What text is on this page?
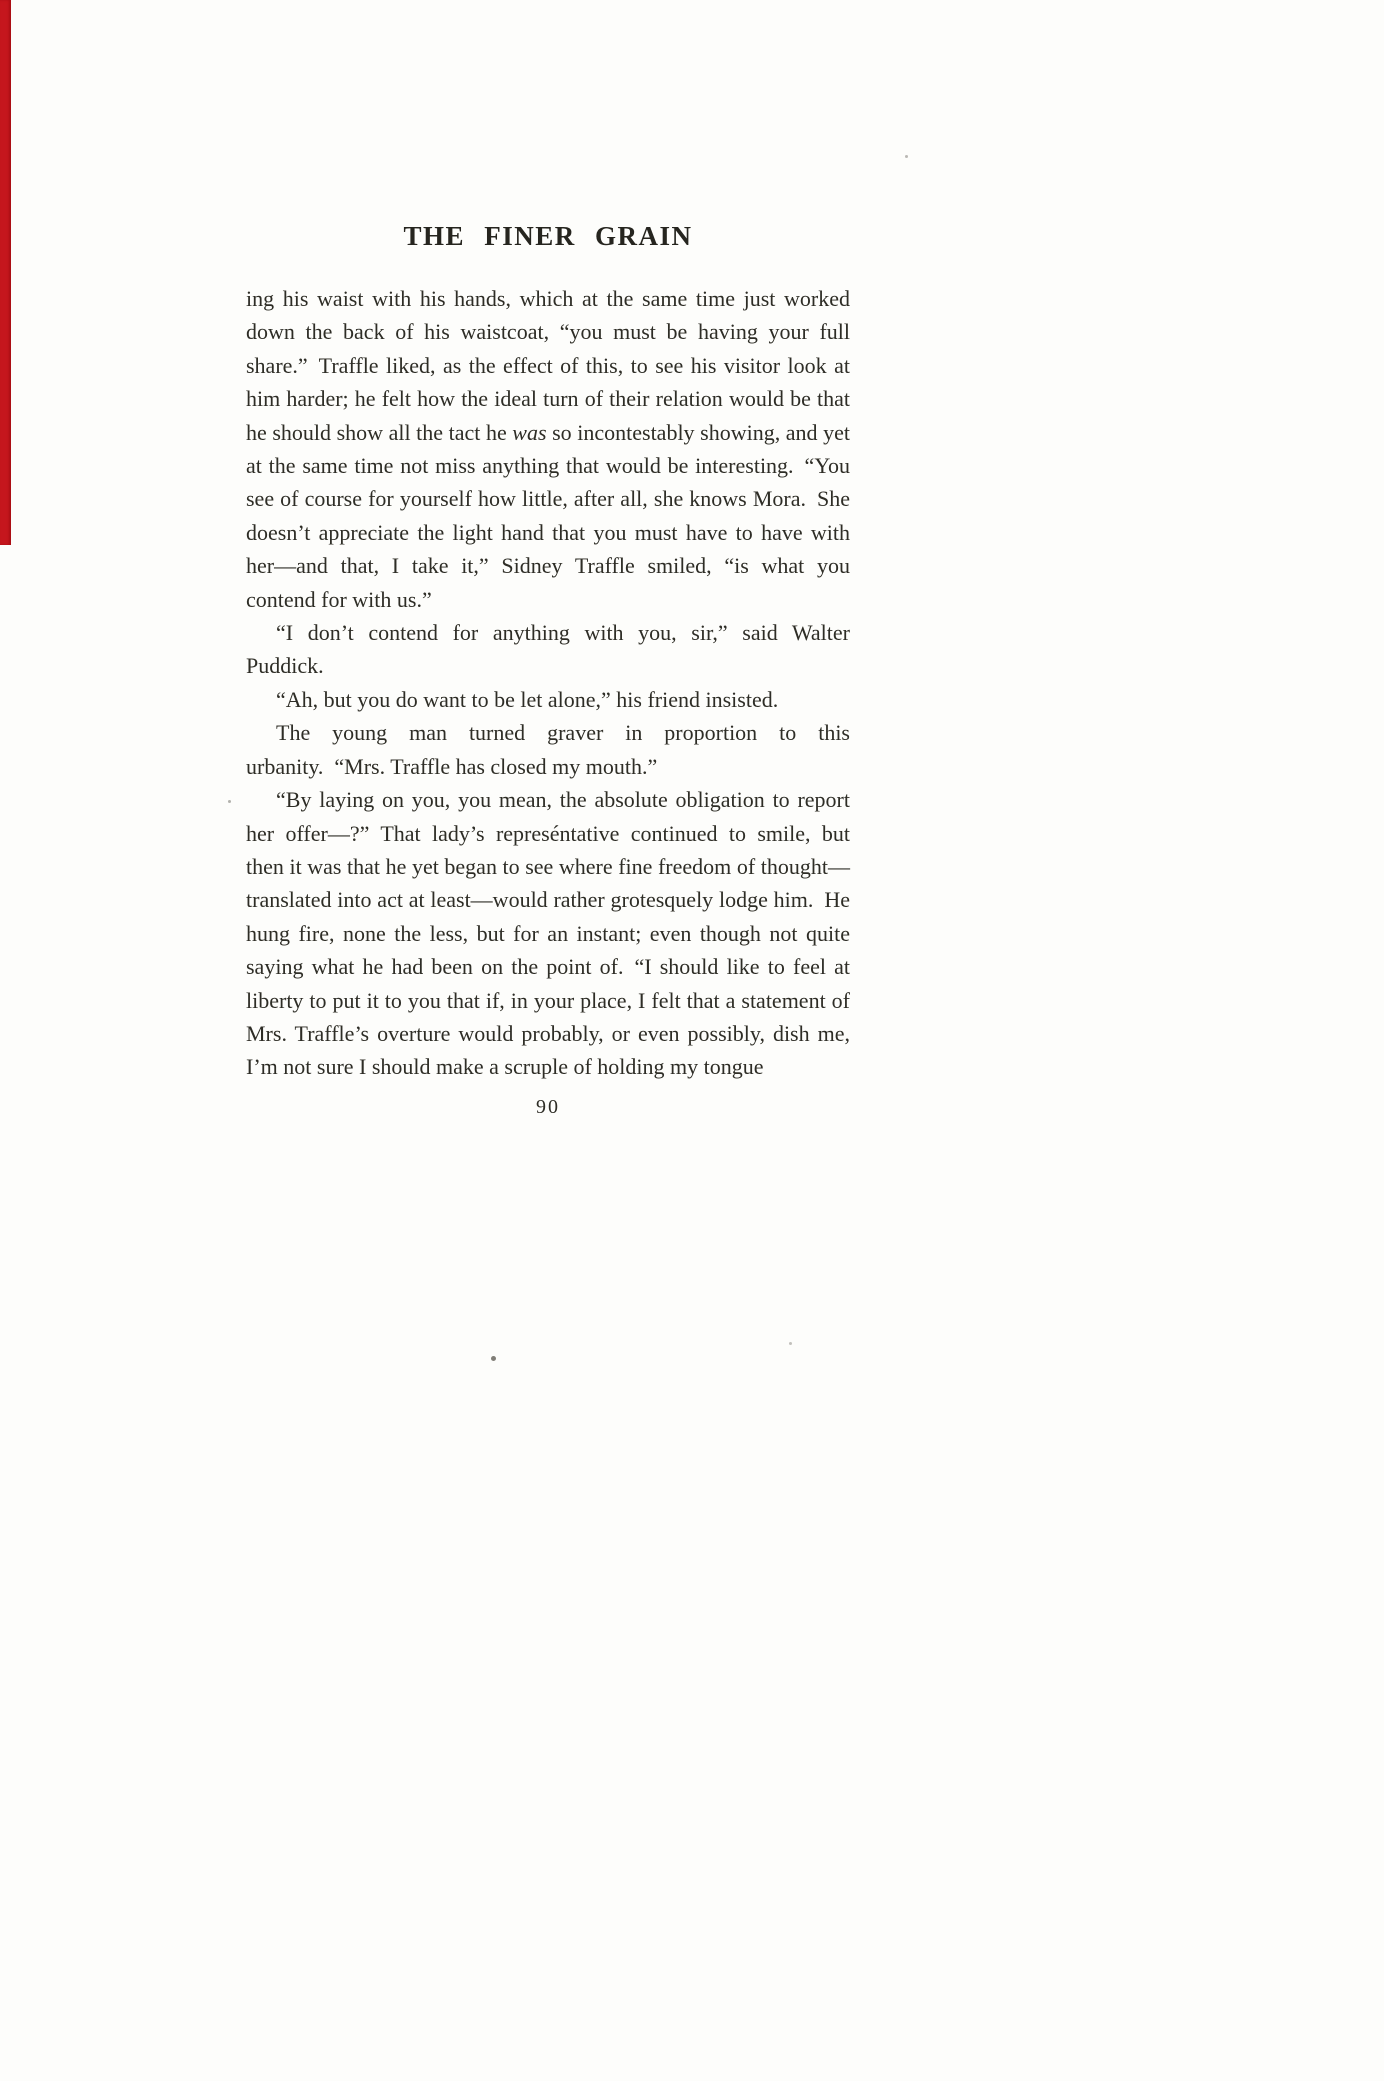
THE FINER GRAIN

ing his waist with his hands, which at the same time just worked down the back of his waistcoat, “you must be having your full share.” Traffle liked, as the effect of this, to see his visitor look at him harder; he felt how the ideal turn of their relation would be that he should show all the tact he was so incontestably showing, and yet at the same time not miss anything that would be interesting. “You see of course for yourself how little, after all, she knows Mora. She doesn’t appreciate the light hand that you must have to have with her—and that, I take it,” Sidney Traffle smiled, “is what you contend for with us.”

“I don’t contend for anything with you, sir,” said Walter Puddick.

“Ah, but you do want to be let alone,” his friend insisted.

The young man turned graver in proportion to this urbanity. “Mrs. Traffle has closed my mouth.”

“By laying on you, you mean, the absolute obligation to report her offer—?” That lady’s represéntative continued to smile, but then it was that he yet began to see where fine freedom of thought—translated into act at least—would rather grotesquely lodge him. He hung fire, none the less, but for an instant; even though not quite saying what he had been on the point of. “I should like to feel at liberty to put it to you that if, in your place, I felt that a statement of Mrs. Traffle’s overture would probably, or even possibly, dish me, I’m not sure I should make a scruple of holding my tongue

90
